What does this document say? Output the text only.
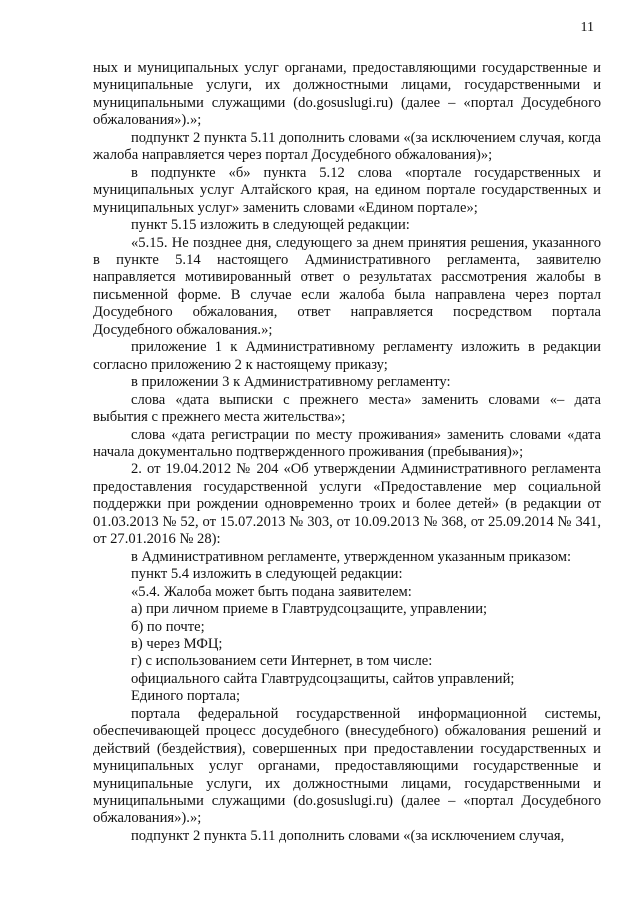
11

ных и муниципальных услуг органами, предоставляющими государственные и муниципальные услуги, их должностными лицами, государственными и муниципальными служащими (do.gosuslugi.ru) (далее – «портал Досудебного обжалования»).»;

подпункт 2 пункта 5.11 дополнить словами «(за исключением случая, когда жалоба направляется через портал Досудебного обжалования)»;

в подпункте «б» пункта 5.12 слова «портале государственных и муниципальных услуг Алтайского края, на едином портале государственных и муниципальных услуг» заменить словами «Едином портале»;

пункт 5.15 изложить в следующей редакции:

«5.15. Не позднее дня, следующего за днем принятия решения, указанного в пункте 5.14 настоящего Административного регламента, заявителю направляется мотивированный ответ о результатах рассмотрения жалобы в письменной форме. В случае если жалоба была направлена через портал Досудебного обжалования, ответ направляется посредством портала Досудебного обжалования.»;

приложение 1 к Административному регламенту изложить в редакции согласно приложению 2 к настоящему приказу;

в приложении 3 к Административному регламенту:

слова «дата выписки с прежнего места» заменить словами «– дата выбытия с прежнего места жительства»;

слова «дата регистрации по месту проживания» заменить словами «дата начала документально подтвержденного проживания (пребывания)»;

2. от 19.04.2012 № 204 «Об утверждении Административного регламента предоставления государственной услуги «Предоставление мер социальной поддержки при рождении одновременно троих и более детей» (в редакции от 01.03.2013 № 52, от 15.07.2013 № 303, от 10.09.2013 № 368, от 25.09.2014 № 341, от 27.01.2016 № 28):

в Административном регламенте, утвержденном указанным приказом:

пункт 5.4 изложить в следующей редакции:

«5.4. Жалоба может быть подана заявителем:

а) при личном приеме в Главтрудсоцзащите, управлении;

б) по почте;

в) через МФЦ;

г) с использованием сети Интернет, в том числе:

официального сайта Главтрудсоцзащиты, сайтов управлений;

Единого портала;

портала федеральной государственной информационной системы, обеспечивающей процесс досудебного (внесудебного) обжалования решений и действий (бездействия), совершенных при предоставлении государственных и муниципальных услуг органами, предоставляющими государственные и муниципальные услуги, их должностными лицами, государственными и муниципальными служащими (do.gosuslugi.ru) (далее – «портал Досудебного обжалования»).»;

подпункт 2 пункта 5.11 дополнить словами «(за исключением случая,
